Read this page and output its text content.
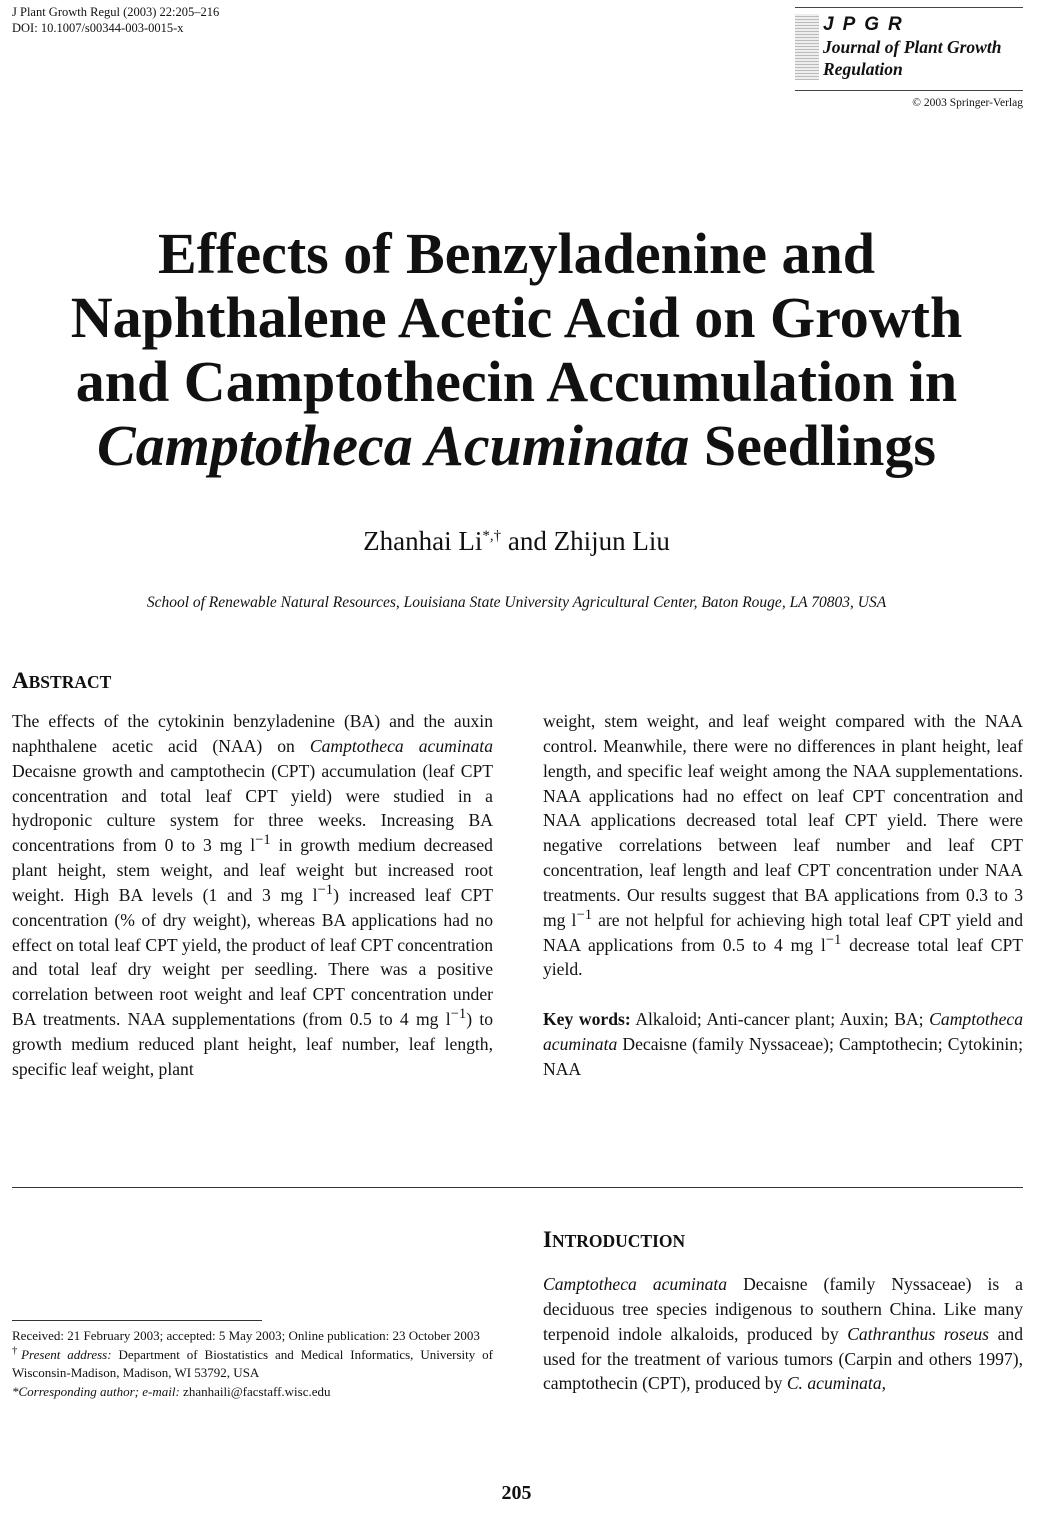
J Plant Growth Regul (2003) 22:205–216
DOI: 10.1007/s00344-003-0015-x	JPGR
Journal of Plant Growth
Regulation
© 2003 Springer-Verlag
Effects of Benzyladenine and
Naphthalene Acetic Acid on Growth
and Camptothecin Accumulation in
Camptotheca Acuminata Seedlings
Zhanhai Li*,† and Zhijun Liu
School of Renewable Natural Resources, Louisiana State University Agricultural Center, Baton Rouge, LA 70803, USA
ABSTRACT

The effects of the cytokinin benzyladenine (BA) and the auxin naphthalene acetic acid (NAA) on Camptotheca acuminata Decaisne growth and camptothecin (CPT) accumulation (leaf CPT concentration and total leaf CPT yield) were studied in a hydroponic culture system for three weeks. Increasing BA concentrations from 0 to 3 mg $l^{-1}$ in growth medium decreased plant height, stem weight, and leaf weight but increased root weight. High BA levels (1 and 3 mg $l^{-1}$) increased leaf CPT concentration (% of dry weight), whereas BA applications had no effect on total leaf CPT yield, the product of leaf CPT concentration and total leaf dry weight per seedling. There was a positive correlation between root weight and leaf CPT concentration under BA treatments. NAA supplementations (from 0.5 to 4 mg $l^{-1}$) to growth medium reduced plant height, leaf number, leaf length, specific leaf weight, plant

weight, stem weight, and leaf weight compared with the NAA control. Meanwhile, there were no differences in plant height, leaf length, and specific leaf weight among the NAA supplementations. NAA applications had no effect on leaf CPT concentration and NAA applications decreased total leaf CPT yield. There were negative correlations between leaf number and leaf CPT concentration, leaf length and leaf CPT concentration under NAA treatments. Our results suggest that BA applications from 0.3 to 3 mg $l^{-1}$ are not helpful for achieving high total leaf CPT yield and NAA applications from 0.5 to 4 mg $l^{-1}$ decrease total leaf CPT yield.

Key words: Alkaloid; Anti-cancer plant; Auxin; BA; Camptotheca acuminata Decaisne (family Nyssaceae); Camptothecin; Cytokinin; NAA

INTRODUCTION

Camptotheca acuminata Decaisne (family Nyssaceae) is a deciduous tree species indigenous to southern China. Like many terpenoid indole alkaloids, produced by Cathranthus roseus and used for the treatment of various tumors (Carpin and others 1997), camptothecin (CPT), produced by C. acuminata,

Received: 21 February 2003; accepted: 5 May 2003; Online publication: 23 October 2003

†Present address: Department of Biostatistics and Medical Informatics, University of Wisconsin-Madison, Madison, WI 53792, USA

*Corresponding author; e-mail: zhanhaili@facstaff.wisc.edu

205
